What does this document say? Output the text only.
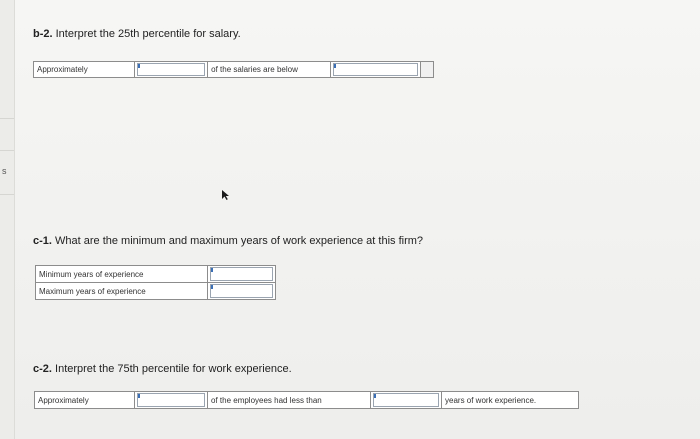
s
b-2. Interpret the 25th percentile for salary.
Approximately	of the salaries are below
c-1. What are the minimum and maximum years of work experience at this firm?
Minimum years of experience
Maximum years of experience
c-2. Interpret the 75th percentile for work experience.
Approximately	of the employees had less than	years of work experience.
